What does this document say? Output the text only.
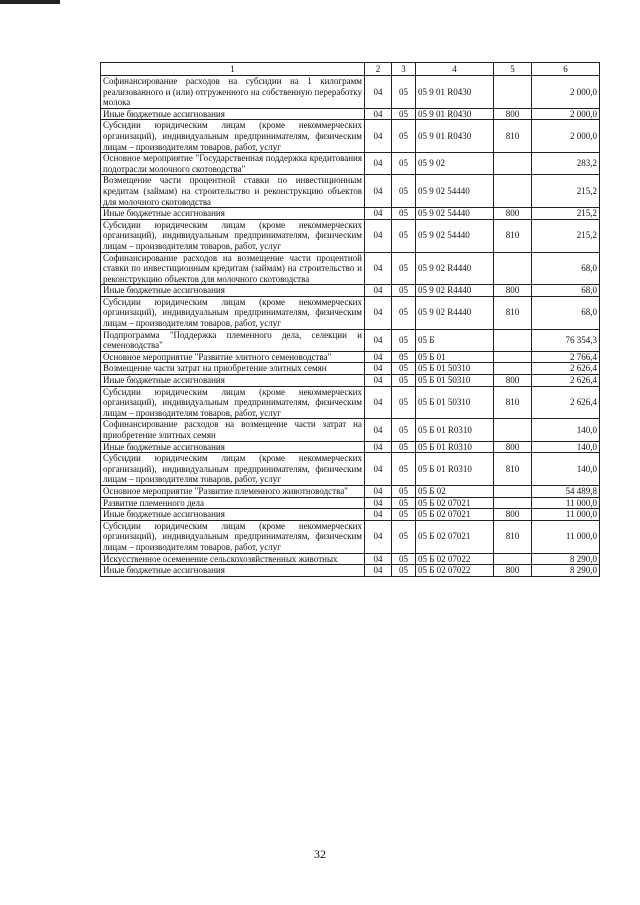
1	2	3	4	5	6
Софинансирование расходов на субсидии на 1 килограмм реализованного и (или) отгруженного на собственную переработку молока	04	05	05 9 01 R0430		2 000,0
Иные бюджетные ассигнования	04	05	05 9 01 R0430	800	2 000,0
Субсидии юридическим лицам (кроме некоммерческих организаций), индивидуальным предпринимателям, физическим лицам – производителям товаров, работ, услуг	04	05	05 9 01 R0430	810	2 000,0
Основное мероприятие "Государственная поддержка кредитования подотрасли молочного скотоводства"	04	05	05 9 02		283,2
Возмещение части процентной ставки по инвестиционным кредитам (займам) на строительство и реконструкцию объектов для молочного скотоводства	04	05	05 9 02 54440		215,2
Иные бюджетные ассигнования	04	05	05 9 02 54440	800	215,2
Субсидии юридическим лицам (кроме некоммерческих организаций), индивидуальным предпринимателям, физическим лицам – производителям товаров, работ, услуг	04	05	05 9 02 54440	810	215,2
Софинансирование расходов на возмещение части процентной ставки по инвестиционным кредитам (займам) на строительство и реконструкцию объектов для молочного скотоводства	04	05	05 9 02 R4440		68,0
Иные бюджетные ассигнования	04	05	05 9 02 R4440	800	68,0
Субсидии юридическим лицам (кроме некоммерческих организаций), индивидуальным предпринимателям, физическим лицам – производителям товаров, работ, услуг	04	05	05 9 02 R4440	810	68,0
Подпрограмма "Поддержка племенного дела, селекции и семеноводства"	04	05	05 Б		76 354,3
Основное мероприятие "Развитие элитного семеноводства"	04	05	05 Б 01		2 766,4
Возмещение части затрат на приобретение элитных семян	04	05	05 Б 01 50310		2 626,4
Иные бюджетные ассигнования	04	05	05 Б 01 50310	800	2 626,4
Субсидии юридическим лицам (кроме некоммерческих организаций), индивидуальным предпринимателям, физическим лицам – производителям товаров, работ, услуг	04	05	05 Б 01 50310	810	2 626,4
Софинансирование расходов на возмещение части затрат на приобретение элитных семян	04	05	05 Б 01 R0310		140,0
Иные бюджетные ассигнования	04	05	05 Б 01 R0310	800	140,0
Субсидии юридическим лицам (кроме некоммерческих организаций), индивидуальным предпринимателям, физическим лицам – производителям товаров, работ, услуг	04	05	05 Б 01 R0310	810	140,0
Основное мероприятие "Развитие племенного животноводства"	04	05	05 Б 02		54 489,8
Развитие племенного дела	04	05	05 Б 02 07021		11 000,0
Иные бюджетные ассигнования	04	05	05 Б 02 07021	800	11 000,0
Субсидии юридическим лицам (кроме некоммерческих организаций), индивидуальным предпринимателям, физическим лицам – производителям товаров, работ, услуг	04	05	05 Б 02 07021	810	11 000,0
Искусственное осеменение сельскохозяйственных животных	04	05	05 Б 02 07022		8 290,0
Иные бюджетные ассигнования	04	05	05 Б 02 07022	800	8 290,0
32
